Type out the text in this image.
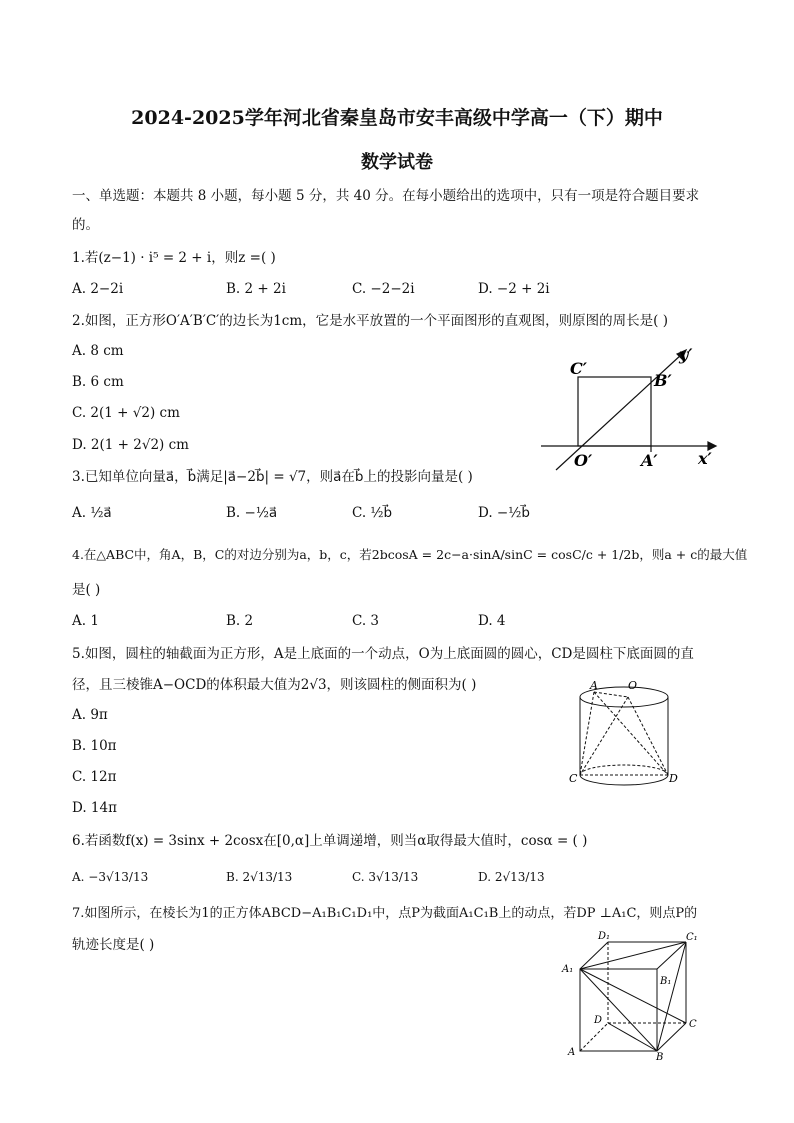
2024-2025学年河北省秦皇岛市安丰高级中学高一（下）期中
数学试卷
一、单选题：本题共 8 小题，每小题 5 分，共 40 分。在每小题给出的选项中，只有一项是符合题目要求
的。
1.若(z−1) · i⁵ = 2 + i，则z =( )
A. 2−2i	B. 2 + 2i	C. −2−2i	D. −2 + 2i
2.如图，正方形O′A′B′C′的边长为1cm，它是水平放置的一个平面图形的直观图，则原图的周长是( )
A. 8 cm
B. 6 cm
C. 2(1 + √2) cm
D. 2(1 + 2√2) cm
C′
B′
y′
O′	A′	x′
3.已知单位向量a⃗，b⃗满足|a⃗−2b⃗| = √7，则a⃗在b⃗上的投影向量是( )
A. ½a⃗	B. −½a⃗	C. ½b⃗	D. −½b⃗
4.在△ABC中，角A，B，C的对边分别为a，b，c，若2bcosA = 2c−a·sinA/sinC = cosC/c + 1/2b，则a + c的最大值
是( )
A. 1	B. 2	C. 3	D. 4
5.如图，圆柱的轴截面为正方形，A是上底面的一个动点，O为上底面圆的圆心，CD是圆柱下底面圆的直
径，且三棱锥A−OCD的体积最大值为2√3，则该圆柱的侧面积为( )
A. 9π
B. 10π
C. 12π
D. 14π
A	O
C	D
6.若函数f(x) = 3sinx + 2cosx在[0,α]上单调递增，则当α取得最大值时，cosα = ( )
A. −3√13/13	B. 2√13/13	C. 3√13/13	D. 2√13/13
7.如图所示，在棱长为1的正方体ABCD−A₁B₁C₁D₁中，点P为截面A₁C₁B上的动点，若DP ⊥A₁C，则点P的
轨迹长度是( )
D₁	C₁
A₁
B₁
D	C
A	B
